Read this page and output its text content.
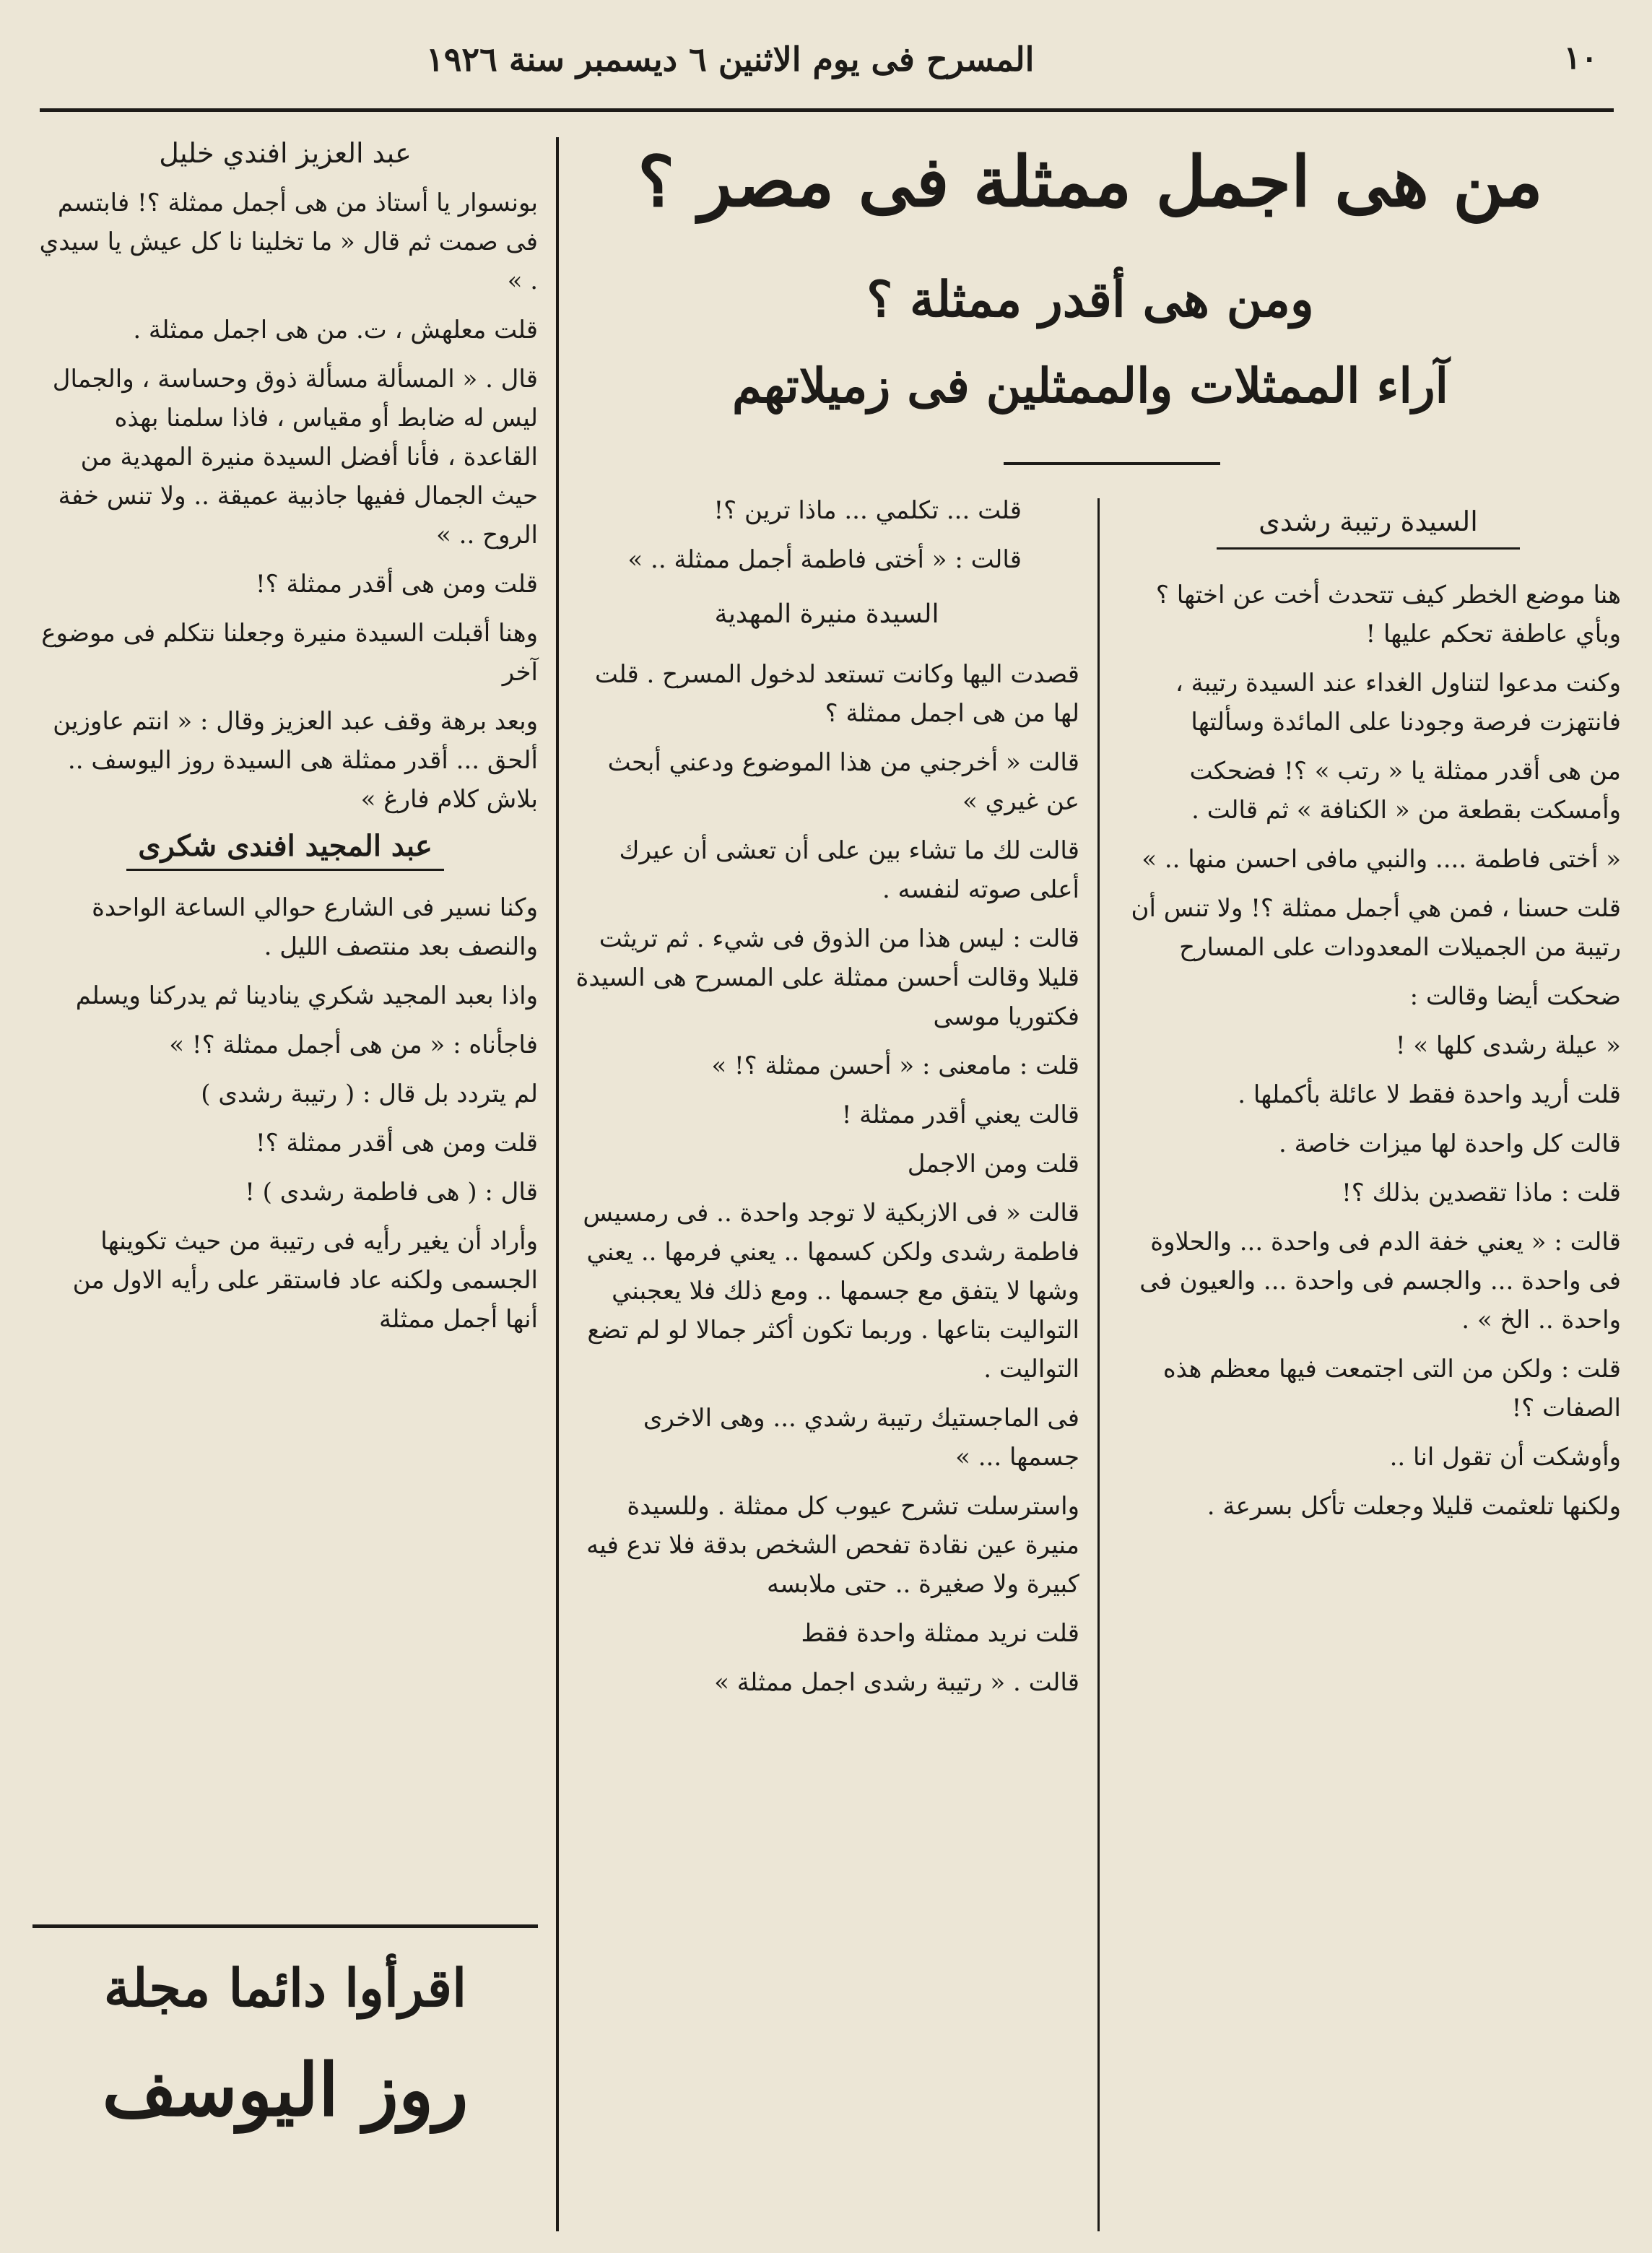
١٠
المسرح فى يوم الاثنين ٦ ديسمبر سنة ١٩٢٦
من هى اجمل ممثلة فى مصر ؟
ومن هى أقدر ممثلة ؟
آراء الممثلات والممثلين فى زميلاتهم
عبد العزيز افندي خليل

بونسوار يا أستاذ من هى أجمل ممثلة ؟! فابتسم فى صمت ثم قال « ما تخلينا نا كل عيش يا سيدي . »

قلت معلهش ، ت. من هى اجمل ممثلة .

قال . « المسألة مسألة ذوق وحساسة ، والجمال ليس له ضابط أو مقياس ، فاذا سلمنا بهذه القاعدة ، فأنا أفضل السيدة منيرة المهدية من حيث الجمال ففيها جاذبية عميقة .. ولا تنس خفة الروح .. »

قلت ومن هى أقدر ممثلة ؟!

وهنا أقبلت السيدة منيرة وجعلنا نتكلم فى موضوع آخر

وبعد برهة وقف عبد العزيز وقال : « انتم عاوزين ألحق ... أقدر ممثلة هى السيدة روز اليوسف .. بلاش كلام فارغ »

عبد المجيد افندى شكرى

وكنا نسير فى الشارع حوالي الساعة الواحدة والنصف بعد منتصف الليل .

واذا بعبد المجيد شكري ينادينا ثم يدركنا ويسلم

فاجأناه : « من هى أجمل ممثلة ؟! »

لم يتردد بل قال : ( رتيبة رشدى )

قلت ومن هى أقدر ممثلة ؟!

قال : ( هى فاطمة رشدى ) !

وأراد أن يغير رأيه فى رتيبة من حيث تكوينها الجسمى ولكنه عاد فاستقر على رأيه الاول من أنها أجمل ممثلة

اقرأوا دائما مجلة
روز اليوسف

قلت ... تكلمي ... ماذا ترين ؟!

قالت : « أختى فاطمة أجمل ممثلة .. »

السيدة منيرة المهدية

قصدت اليها وكانت تستعد لدخول المسرح . قلت لها من هى اجمل ممثلة ؟

قالت « أخرجني من هذا الموضوع ودعني أبحث عن غيري »

قالت لك ما تشاء بين على أن تعشى أن عيرك أعلى صوته لنفسه .

قالت : ليس هذا من الذوق فى شيء . ثم تريثت قليلا وقالت أحسن ممثلة على المسرح هى السيدة فكتوريا موسى

قلت : مامعنى : « أحسن ممثلة ؟! »

قالت يعني أقدر ممثلة !

قلت ومن الاجمل

قالت « فى الازبكية لا توجد واحدة .. فى رمسيس فاطمة رشدى ولكن كسمها .. يعني فرمها .. يعني وشها لا يتفق مع جسمها .. ومع ذلك فلا يعجبني التواليت بتاعها . وربما تكون أكثر جمالا لو لم تضع التواليت .

فى الماجستيك رتيبة رشدي ... وهى الاخرى جسمها ... »

واسترسلت تشرح عيوب كل ممثلة . وللسيدة منيرة عين نقادة تفحص الشخص بدقة فلا تدع فيه كبيرة ولا صغيرة .. حتى ملابسه

قلت نريد ممثلة واحدة فقط

قالت . « رتيبة رشدى اجمل ممثلة »

السيدة رتيبة رشدى

هنا موضع الخطر كيف تتحدث أخت عن اختها ؟ وبأي عاطفة تحكم عليها !

وكنت مدعوا لتناول الغداء عند السيدة رتيبة ، فانتهزت فرصة وجودنا على المائدة وسألتها

من هى أقدر ممثلة يا « رتب » ؟! فضحكت وأمسكت بقطعة من « الكنافة » ثم قالت .

« أختى فاطمة .... والنبي مافى احسن منها .. »

قلت حسنا ، فمن هي أجمل ممثلة ؟! ولا تنس أن رتيبة من الجميلات المعدودات على المسارح

ضحكت أيضا وقالت :

« عيلة رشدى كلها » !

قلت أريد واحدة فقط لا عائلة بأكملها .

قالت كل واحدة لها ميزات خاصة .

قلت : ماذا تقصدين بذلك ؟!

قالت : « يعني خفة الدم فى واحدة ... والحلاوة فى واحدة ... والجسم فى واحدة ... والعيون فى واحدة .. الخ » .

قلت : ولكن من التى اجتمعت فيها معظم هذه الصفات ؟!

وأوشكت أن تقول انا ..

ولكنها تلعثمت قليلا وجعلت تأكل بسرعة .
